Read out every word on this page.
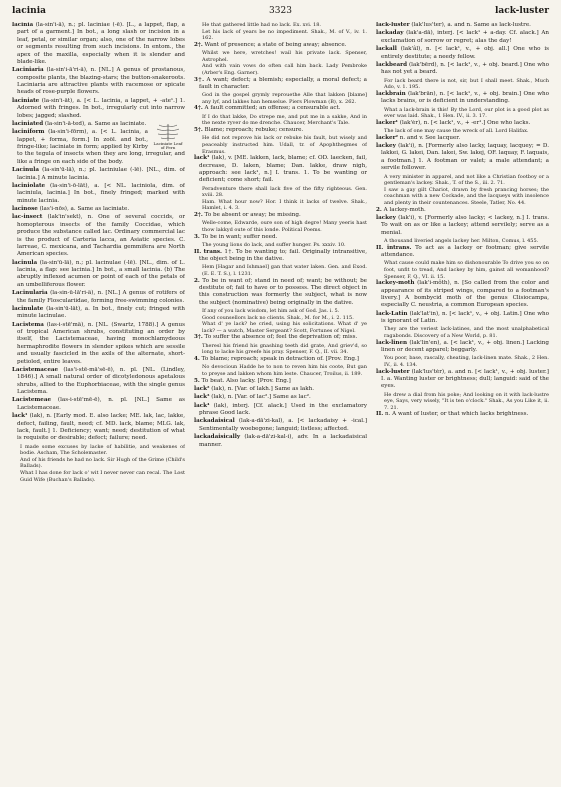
lacinia	3323	lack-luster

lacinia (la-sin'i-ä), n.; pl. laciniae (-ē). [L., a lappet, flap, a part of a garment.] In bot., a long slash or incision in a leaf, petal, or similar organ; also, one of the narrow lobes or segments resulting from such incisions. In entom., the apex of the maxilla, especially when it is slender and blade-like.

Laciniaria (la-sin'i-ā'ri-ä), n. [NL.] A genus of prostanous, composite plants, the blazing-stars; the button-snakeroots. Laciniaria are attractive plants with racemose or spicate heads of rose-purple flowers.

laciniate (la-sin'i-āt), a. [< L. lacinia, a lappet, + -ate¹.] 1. Adorned with fringes. In bot., irregularly cut into narrow lobes; jagged; slashed.

Laciniate Leaf of Fern

laciniated (la-sin'i-ā-ted), a. Same as laciniate.

laciniform (la-sin'i-fōrm), a. [< L. lacinia, a lappet, + forma, form.] In zoöl. and bot., fringe-like; laciniate in form; applied by Kirby to the tegula of insects when they are long, irregular, and like a fringe on each side of the body.

Lacinula (la-sin'ū-lä), n.; pl. laciniulae (-lē). [NL., dim. of lacinia.] A minute lacinia.

laciniolate (la-sin'i-ō-lāt), a. [< NL. laciniola, dim. of laciniula, lacinia.] In bot., finely fringed; marked with minute lacinia.

lacinose (las'i-nōs), a. Same as laciniate.

lac-insect (lak'in'sekt), n. One of several coccids, or homopterous insects of the family Coccidae, which produce the substance called lac. Ordinary commercial lac is the product of Carteria lacca, an Asiatic species. C. larreae, C. mexicana, and Tachardia gemmifera are North American species.

lacinula (la-sin'ū-lä), n.; pl. lacinulae (-lē). [NL., dim. of L. lacinia, a flap: see lacinia.] In bot., a small lacinia. (b) The abruptly inflexed acumen or point of each of the petals of an umbelliferous flower.

Lacinularia (la-sin-ū-lā'ri-ä), n. [NL.] A genus of rotifers of the family Flosculariidae, forming free-swimming colonies.

lacinulate (la-sin'ū-lāt), a. In bot., finely cut; fringed with minute lacinulae.

Lacistema (las-i-stē'mä), n. [NL. (Swartz, 1788).] A genus of tropical American shrubs, constituting an order by itself, the Lacistemaceae, having monochlamydeous hermaphrodite flowers in slender spikes which are sessile and usually fascicled in the axils of the alternate, short-petioled, entire leaves.

Lacistemaceae (las'i-stē-mā'sē-ē), n. pl. [NL. (Lindley, 1846).] A small natural order of dicotyledonous apetalous shrubs, allied to the Euphorbiaceae, with the single genus Lacistema.

Lacistemeae (las-i-stē'mē-ē), n. pl. [NL.] Same as Lacistemaceae.

lack¹ (lak), n. [Early mod. E. also lacke; ME. lak, lac, lakke, defect, failing, fault, need; cf. MD. lack, blame; MLG. lak, lack, fault.] 1. Deficiency; want; need; destitution of what is requisite or desirable; defect; failure; need.

I made some excuses by lacke of habilitie, and weakenes of bodie. Ascham, The Scholemaster.

And of his friends he had no lack. Sir Hugh of the Grime (Child's Ballads).

What I has done for lack o' wit I never never can recal. The Lost Guid Wife (Buchan's Ballads).

He that gathered little had no lack. Ex. xvi. 18.

Let his lack of years be no impediment. Shak., M. of V., iv. 1. 162.

2†. Want of presence; a state of being away; absence.

Whilst we here, wretches! wail his private lack. Spenser, Astrophel.

And with vain vows do often call him back. Lady Pembroke (Arber's Eng. Garner).

3†. A want; defect; a blemish; especially, a moral defect; a fault in character.

God in the gospel grymly reprouethe Alle that lakken [blame] any lyf, and lakkes han hemselue. Piers Plowman (B), x. 262.

4†. A fault committed; an offense; a censurable act.

If I do that lakke, Do strepe me, and put me in a sakke, And in the nexte ryver do me drenche. Chaucer, Merchant's Tale.

5†. Blame; reproach; rebuke; censure.

He did not reprove his lack or rebuke his fault, but wisely and peaceably instructed him. Udall, tr. of Apophthegmes of Erasmus.

lack¹ (lak), v. [ME. lakken, lack, blame; cf. OD. laecken, fail, decrease, D. laken, blame; Dan. lakke, draw nigh, approach: see lack¹, n.] I. trans. 1. To be wanting or deficient; come short; fail.

Peradventure there shall lack five of the fifty righteous. Gen. xviii. 28.

Ham. What hour now? Hor. I think it lacks of twelve. Shak., Hamlet, i. 4. 3.

2†. To be absent or away; be missing.

Welle-come, Edwarde, oure son of high degre! Many yeeris hast thow lakkyd oute of this londe. Political Poems.

3. To be in want; suffer need.

The young lions do lack, and suffer hunger. Ps. xxxiv. 10.

II. trans. 1†. To be wanting to; fail. Originally intransitive, the object being in the dative.

Hem [Hagar and Ishmael] gan that water laken. Gen. and Exod. (E. E. T. S.), l. 1231.

2. To be in want of; stand in need of; want; be without; be destitute of; fail to have or to possess. The direct object in this construction was formerly the subject, what is now the subject (nominative) being originally in the dative.

If any of you lack wisdom, let him ask of God. Jas. i. 5.

Good counsellors lack no clients. Shak., M. for M., i. 2. 115.

What d' ye lack? he cried, using his solicitations. What d' ye lack? — a watch, Master Sergeant? Scott, Fortunes of Nigel.

3†. To suffer the absence of; feel the deprivation of; miss.

Theresl his friend his gnashing teeth did grate, And griev'd, so long to lacke his greefe his pray. Spenser, F. Q., II. vii. 34.

4. To blame; reproach; speak in detraction of. [Prov. Eng.]

No devocioun Hadde he to non to reven him his coote, But gan to preyse and lakken whom him leste. Chaucer, Troilus, ii. 189.

5. To beat. Also lacky. [Prov. Eng.]

lack² (lak), n. [Var. of lakh.] Same as lakh.

lack³ (lak), n. [Var. of lac².] Same as lac².

lack⁴ (lak), interj. [Cf. alack.] Used in the exclamatory phrase Good lack.

lackadaisical (lak-a-dā'zi-kal), a. [< lackadaisy + -ical.] Sentimentally woebegone; languid; listless; affected.

lackadaisically (lak-a-dā'zi-kal-i), adv. In a lackadaisical manner.

lack-luster (lak'lus'ter), a. and n. Same as lack-lustre.

lackaday (lak'a-dā), interj. [< lack¹ + a-day. Cf. alack.] An exclamation of sorrow or regret; alas the day!

lackall (lak'âl), n. [< lack¹, v., + obj. all.] One who is entirely destitute; a needy fellow.

lackbeard (lak'bērd), n. [< lack¹, v., + obj. beard.] One who has not yet a beard.

For lack beard there is not, sir, but I shall meet. Shak., Much Ado, v. 1. 195.

lackbrain (lak'brān), n. [< lack¹, v., + obj. brain.] One who lacks brains, or is deficient in understanding.

What a lack-brain is this! By the Lord, our plot is a good plot as ever was laid. Shak., 1 Hen. IV., ii. 3. 17.

lacker¹ (lak'ėr), n. [< lack¹, v., + -er¹.] One who lacks.

The lack of one may cause the wreck of all. Lord Halifax.

lacker² n. and v. See lacquer.

lackey (lak'i), n. [Formerly also lacky, laquay, lacquey; = D. lakkei, G. lakei, Dan. lakei, Sw. lakej, OF. laquay, F. laquais, a footman.] 1. A footman or valet; a male attendant; a servile follower.

A very minister in apparel, and not like a Christian footboy or a gentleman's lackey. Shak., T. of the S., iii. 2. 71.

I saw a gay gilt Chariot, drawn by fresh prancing horses; the coachman with a new Cockade, and the lacqueys with insolence and plenty in their countenances. Steele, Tatler, No. 44.

2. A lackey-moth.

lackey (lak'i), v. [Formerly also lacky; < lackey, n.] I. trans. To wait on as or like a lackey; attend servilely; serve as a menial.

A thousand liveried angels lackey her. Milton, Comus, l. 455.

II. intrans. To act as a lackey or footman; give servile attendance.

What cause could make him so dishonourable To drive you so on foot, unfit to tread, And lackey by him, gainst all womanhood? Spenser, F. Q., VI. ii. 15.

lackey-moth (lak'i-môth), n. [So called from the color and appearance of its striped wings, compared to a footman's livery.] A bombycid moth of the genus Clisiocampa, especially C. neustria, a common European species.

lack-Latin (lak'lat'in), n. [< lack¹, v., + obj. Latin.] One who is ignorant of Latin.

They are the veriest lack-latines, and the most unalphabetical ragabonds. Discovery of a New World, p. 81.

lack-linen (lak'lin'en), a. [< lack¹, v., + obj. linen.] Lacking linen or decent apparel; beggarly.

You poor, base, rascally, cheating, lack-linen mate. Shak., 2 Hen. IV., ii. 4. 134.

lack-luster (lak'lus'tėr), a. and n. [< lack¹, v., + obj. luster.] I. a. Wanting luster or brightness; dull; languid: said of the eyes.

He drew a dial from his poke; And looking on it with lack-lustre eye, Says, very wisely, "It is ten o'clock." Shak., As you Like it, ii. 7. 21.

II. n. A want of luster, or that which lacks brightness.
